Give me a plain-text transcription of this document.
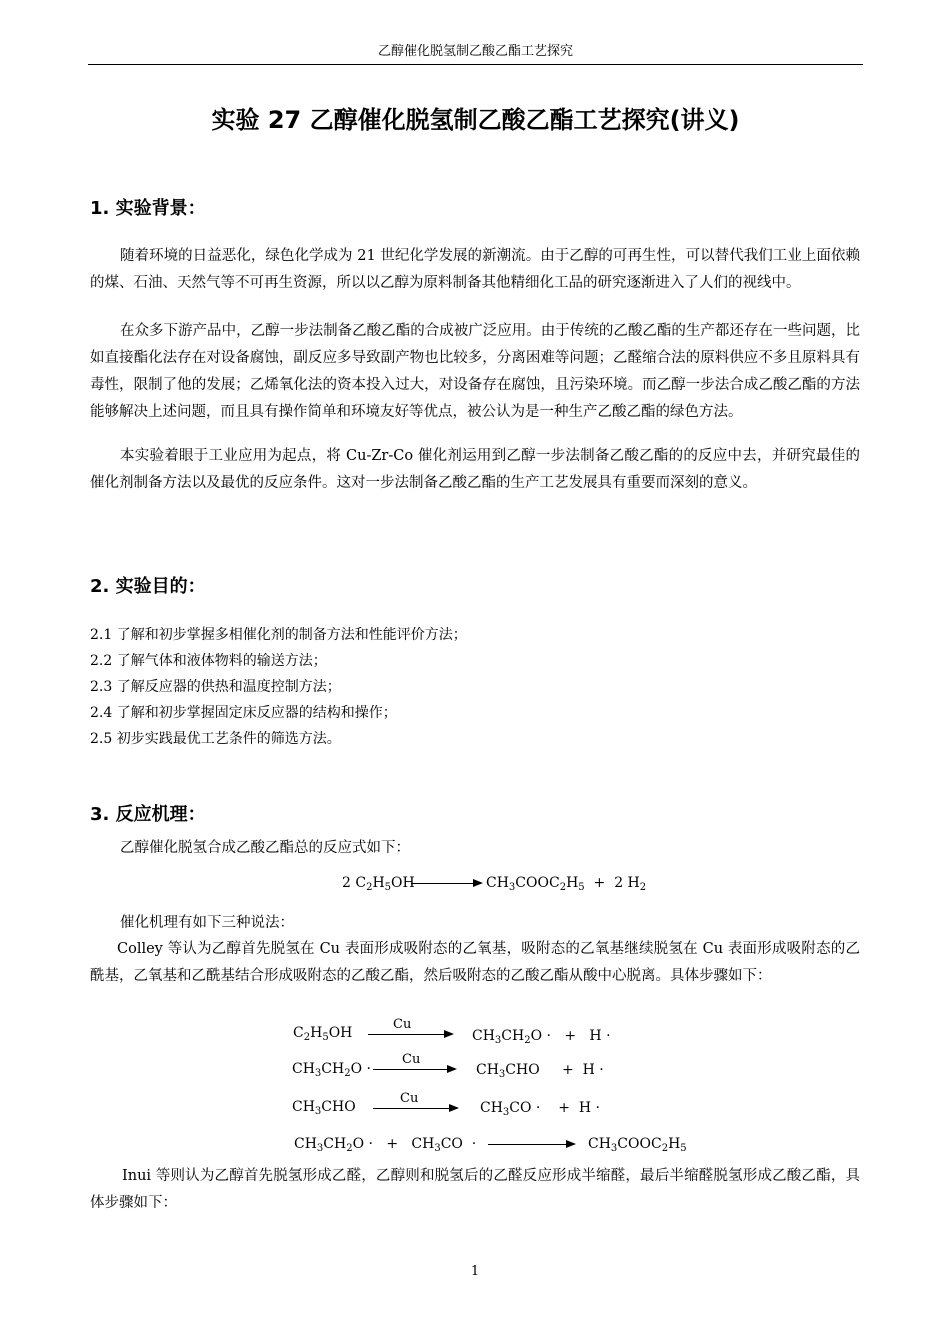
乙醇催化脱氢制乙酸乙酯工艺探究
实验 27 乙醇催化脱氢制乙酸乙酯工艺探究(讲义)
1. 实验背景：

随着环境的日益恶化，绿色化学成为 21 世纪化学发展的新潮流。由于乙醇的可再生性，可以替代我们工业上面依赖的煤、石油、天然气等不可再生资源，所以以乙醇为原料制备其他精细化工品的研究逐渐进入了人们的视线中。

在众多下游产品中，乙醇一步法制备乙酸乙酯的合成被广泛应用。由于传统的乙酸乙酯的生产都还存在一些问题，比如直接酯化法存在对设备腐蚀，副反应多导致副产物也比较多，分离困难等问题；乙醛缩合法的原料供应不多且原料具有毒性，限制了他的发展；乙烯氧化法的资本投入过大，对设备存在腐蚀，且污染环境。而乙醇一步法合成乙酸乙酯的方法能够解决上述问题，而且具有操作简单和环境友好等优点，被公认为是一种生产乙酸乙酯的绿色方法。

本实验着眼于工业应用为起点，将 Cu-Zr-Co 催化剂运用到乙醇一步法制备乙酸乙酯的的反应中去，并研究最佳的催化剂制备方法以及最优的反应条件。这对一步法制备乙酸乙酯的生产工艺发展具有重要而深刻的意义。

2. 实验目的：
2.1 了解和初步掌握多相催化剂的制备方法和性能评价方法；
2.2 了解气体和液体物料的输送方法；
2.3 了解反应器的供热和温度控制方法；
2.4 了解和初步掌握固定床反应器的结构和操作；
2.5 初步实践最优工艺条件的筛选方法。
3. 反应机理：

乙醇催化脱氢合成乙酸乙酯总的反应式如下：

2 $C_2H_5OH$	$CH_3COOC_2H_5 + 2$ $H_2$

催化机理有如下三种说法：

Colley 等认为乙醇首先脱氢在 Cu 表面形成吸附态的乙氧基，吸附态的乙氧基继续脱氢在 Cu 表面形成吸附态的乙酰基，乙氧基和乙酰基结合形成吸附态的乙酸乙酯，然后吸附态的乙酸乙酯从酸中心脱离。具体步骤如下：

$C_2H_5OH$
Cu
$CH_3CH_2O$ ·   +   H ·
$CH_3CH_2O$ ·
Cu
$CH_3CHO$     +  H ·
$CH_3CHO$
Cu
$CH_3CO$ ·    +  H ·
$CH_3CH_2O$ ·   +   $CH_3CO$  ·	$CH_3COOC_2H_5$

Inui 等则认为乙醇首先脱氢形成乙醛，乙醇则和脱氢后的乙醛反应形成半缩醛，最后半缩醛脱氢形成乙酸乙酯，具体步骤如下：

1
